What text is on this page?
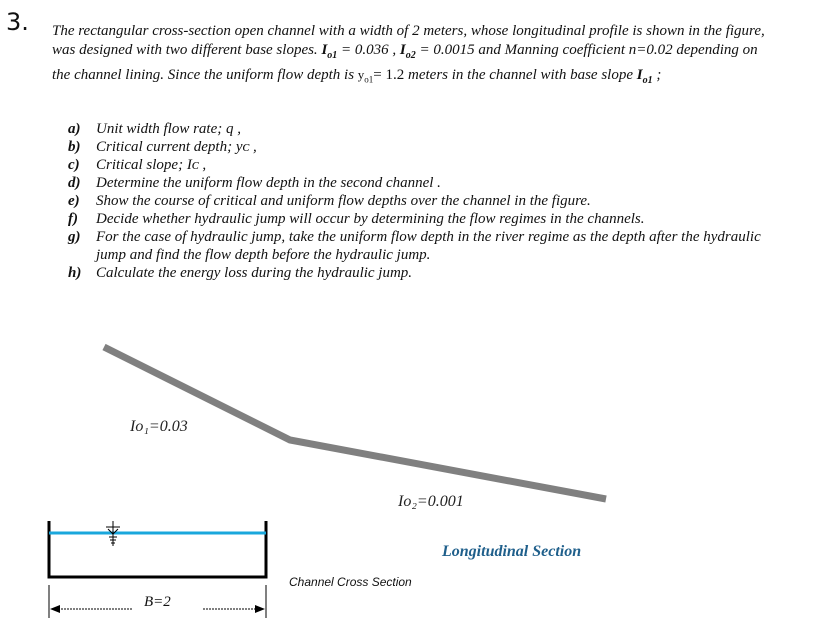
3. The rectangular cross-section open channel with a width of 2 meters, whose longitudinal profile is shown in the figure, was designed with two different base slopes. $I_{o1} = 0.036$ , $I_{o2} = 0.0015$ and Manning coefficient n=0.02 depending on the channel lining. Since the uniform flow depth is $y_{o1}= 1.2$ meters in the channel with base slope $I_{o1}$ ;
a)	Unit width flow rate; q ,
b)	Critical current depth; yᴄ ,
c)	Critical slope; Iᴄ ,
d)	Determine the uniform flow depth in the second channel .
e)	Show the course of critical and uniform flow depths over the channel in the figure.
f)	Decide whether hydraulic jump will occur by determining the flow regimes in the channels.
g)	For the case of hydraulic jump, take the uniform flow depth in the river regime as the depth after the hydraulic jump and find the flow depth before the hydraulic jump.
h) Calculate the energy loss during the hydraulic jump.
Io₁=0.03
Io₂=0.001
Longitudinal Section
Channel Cross Section
B=2
